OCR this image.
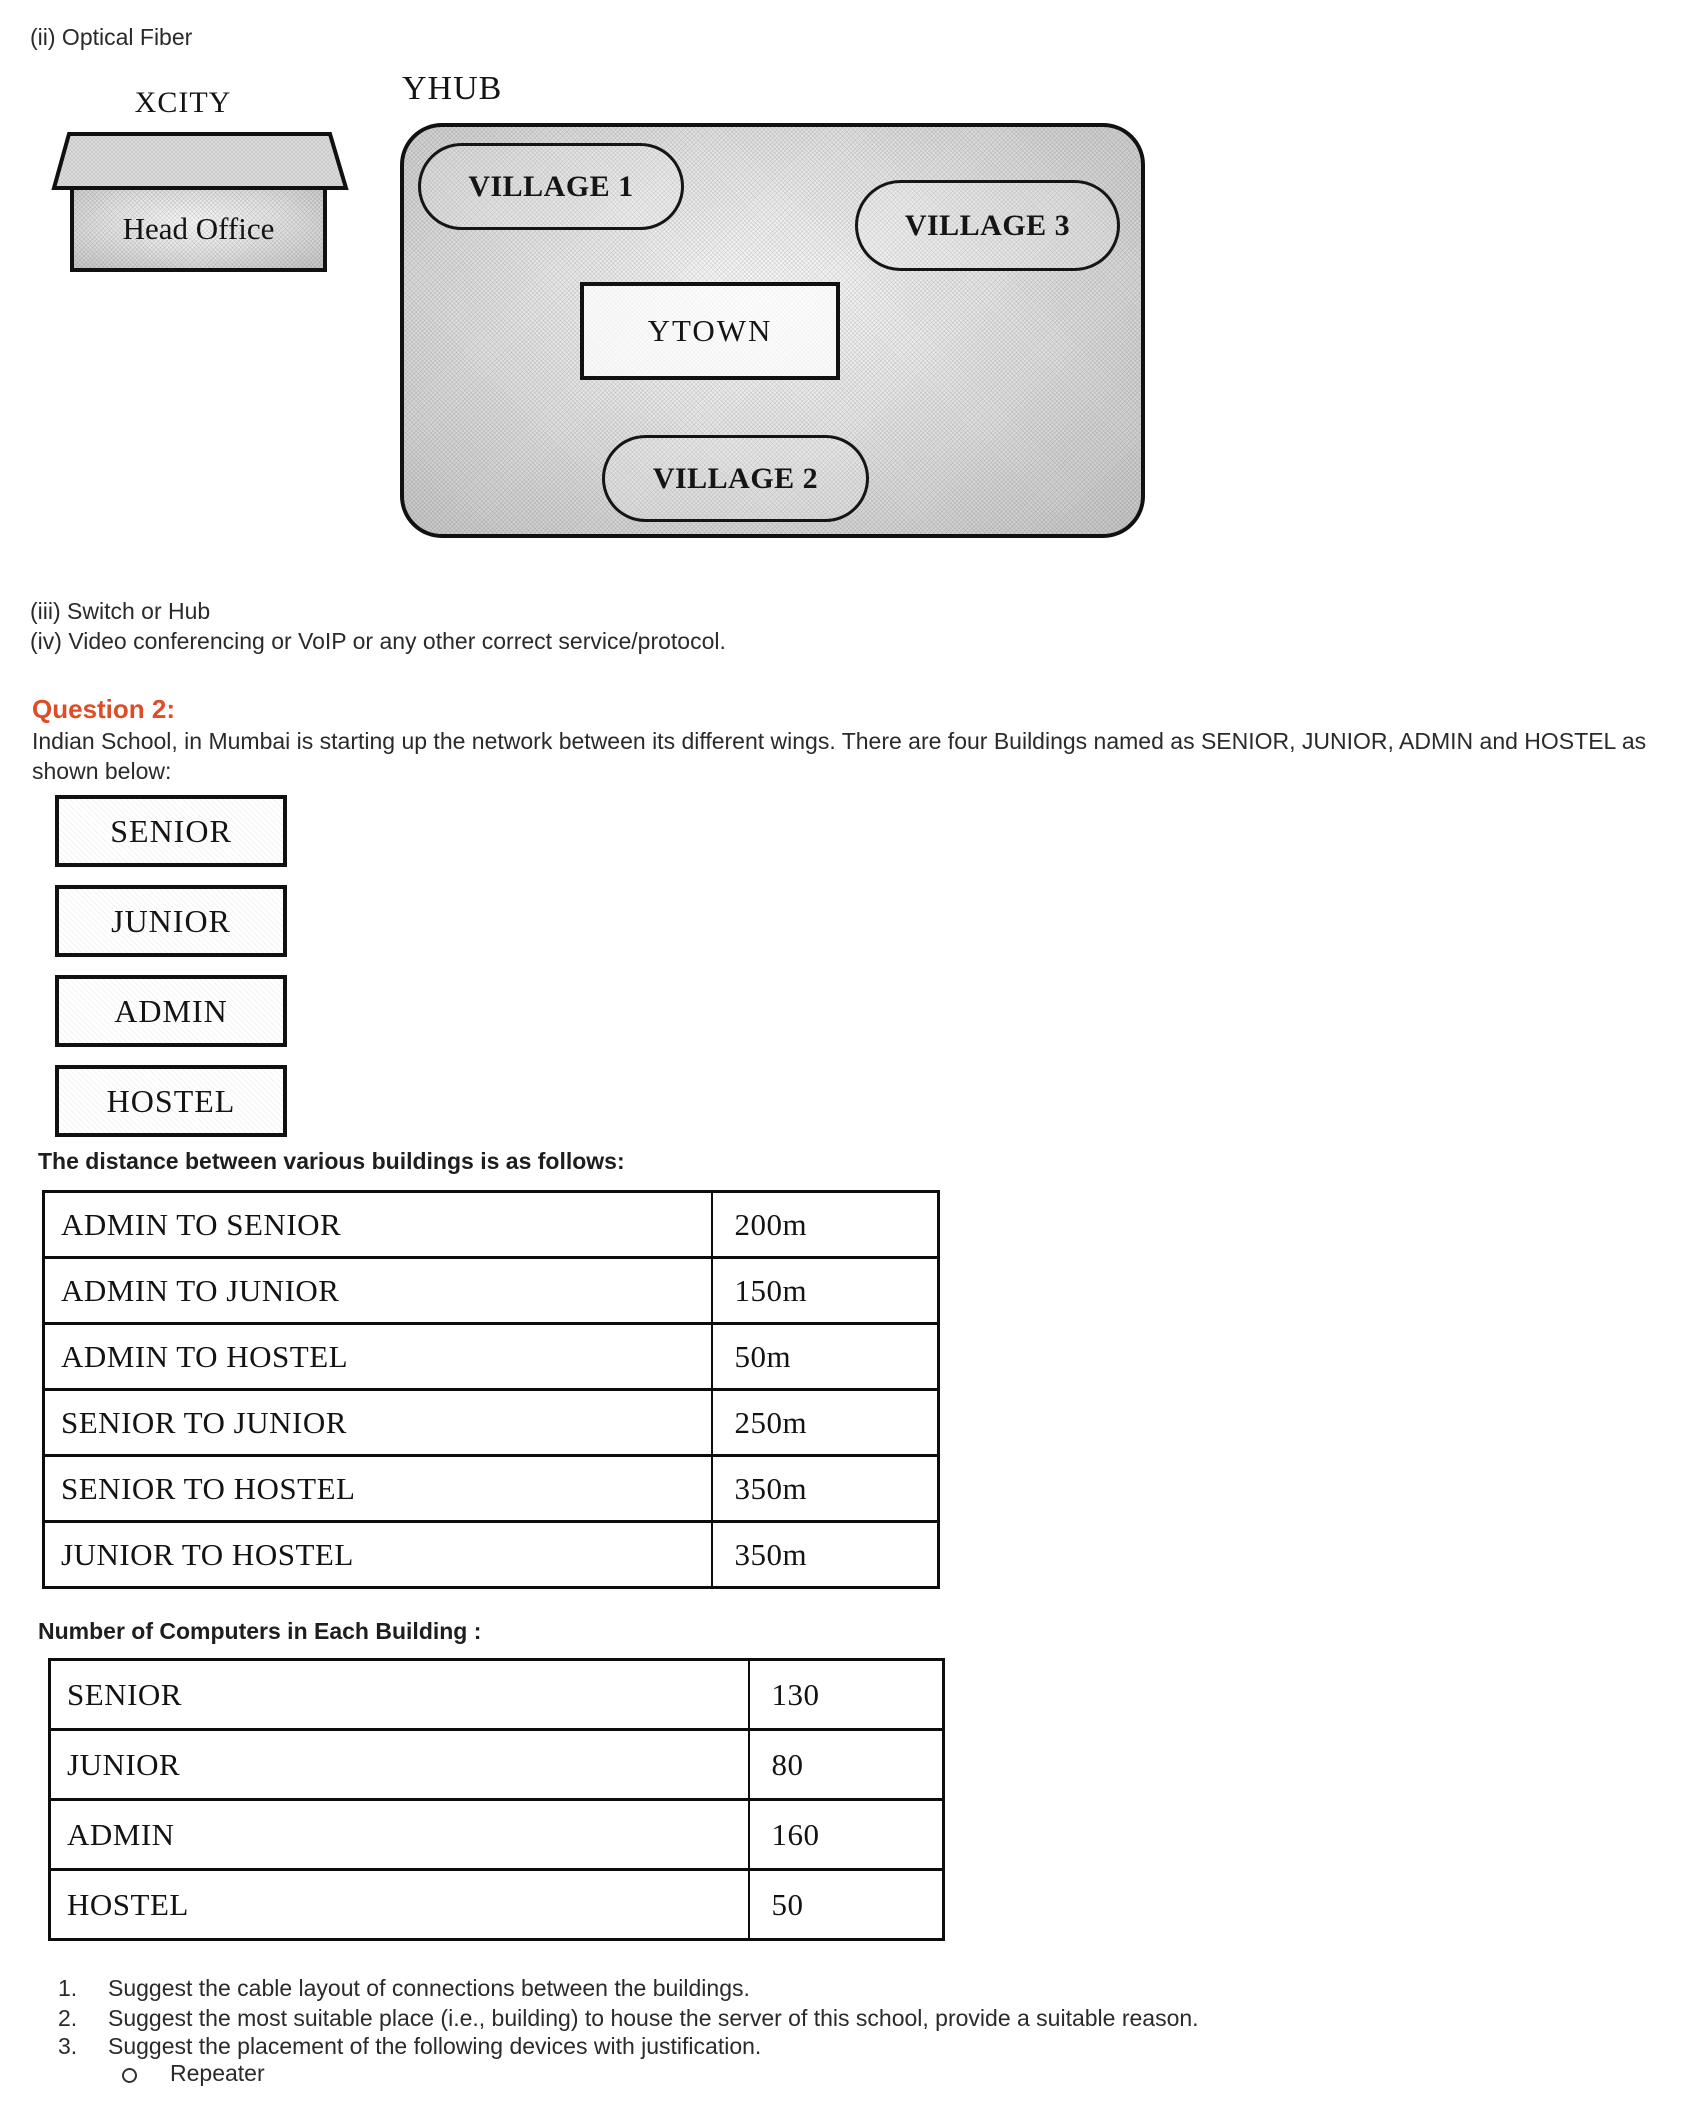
(ii) Optical Fiber
XCITY
Head Office
YHUB
VILLAGE 1
VILLAGE 3
YTOWN
VILLAGE 2
(iii) Switch or Hub
(iv) Video conferencing or VoIP or any other correct service/protocol.
Question 2:
Indian School, in Mumbai is starting up the network between its different wings. There are four Buildings named as SENIOR, JUNIOR, ADMIN and HOSTEL as shown below:
SENIOR
JUNIOR
ADMIN
HOSTEL
The distance between various buildings is as follows:
ADMIN TO SENIOR	200m
ADMIN TO JUNIOR	150m
ADMIN TO HOSTEL	50m
SENIOR TO JUNIOR	250m
SENIOR TO HOSTEL	350m
JUNIOR TO HOSTEL	350m
Number of Computers in Each Building :
SENIOR	130
JUNIOR	80
ADMIN	160
HOSTEL	50
1. Suggest the cable layout of connections between the buildings.
2. Suggest the most suitable place (i.e., building) to house the server of this school, provide a suitable reason.
3. Suggest the placement of the following devices with justification.
Repeater
